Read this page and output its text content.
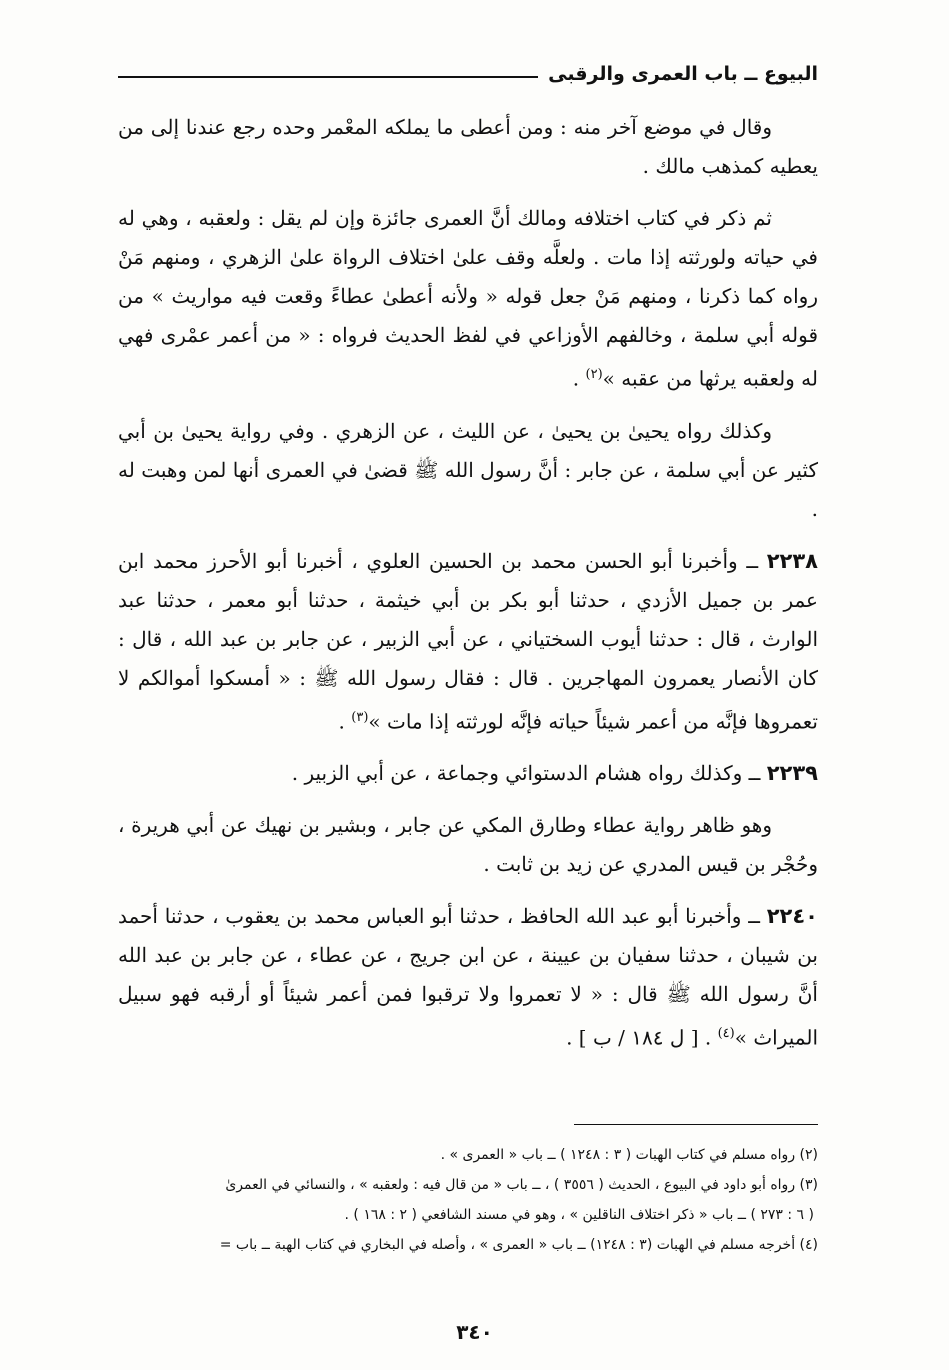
البيوع ــ باب العمرى والرقبى

وقال في موضع آخر منه : ومن أعطى ما يملكه المعْمر وحده رجع عندنا إلى من يعطيه كمذهب مالك .

ثم ذكر في كتاب اختلافه ومالك أنَّ العمرى جائزة وإن لم يقل : ولعقبه ، وهي له في حياته ولورثته إذا مات . ولعلَّه وقف علىٰ اختلاف الرواة علىٰ الزهري ، ومنهم مَنْ رواه كما ذكرنا ، ومنهم مَنْ جعل قوله « ولأنه أعطىٰ عطاءً وقعت فيه مواريث » من قوله أبي سلمة ، وخالفهم الأوزاعي في لفظ الحديث فرواه : « من أعمر عمْرى فهي له ولعقبه يرثها من عقبه »$^{(٢)}$ .

وكذلك رواه يحيىٰ بن يحيىٰ ، عن الليث ، عن الزهري . وفي رواية يحيىٰ بن أبي كثير عن أبي سلمة ، عن جابر : أنَّ رسول الله ﷺ قضىٰ في العمرى أنها لمن وهبت له .

٢٢٣٨ ــ وأخبرنا أبو الحسن محمد بن الحسين العلوي ، أخبرنا أبو الأحرز محمد ابن عمر بن جميل الأزدي ، حدثنا أبو بكر بن أبي خيثمة ، حدثنا أبو معمر ، حدثنا عبد الوارث ، قال : حدثنا أيوب السختياني ، عن أبي الزبير ، عن جابر بن عبد الله ، قال : كان الأنصار يعمرون المهاجرين . قال : فقال رسول الله ﷺ : « أمسكوا أموالكم لا تعمروها فإنَّه من أعمر شيئاً حياته فإنَّه لورثته إذا مات »$^{(٣)}$ .

٢٢٣٩ ــ وكذلك رواه هشام الدستوائي وجماعة ، عن أبي الزبير .

وهو ظاهر رواية عطاء وطارق المكي عن جابر ، وبشير بن نهيك عن أبي هريرة ، وحُجْر بن قيس المدري عن زيد بن ثابت .

٢٢٤٠ ــ وأخبرنا أبو عبد الله الحافظ ، حدثنا أبو العباس محمد بن يعقوب ، حدثنا أحمد بن شيبان ، حدثنا سفيان بن عيينة ، عن ابن جريج ، عن عطاء ، عن جابر بن عبد الله أنَّ رسول الله ﷺ قال : « لا تعمروا ولا ترقبوا فمن أعمر شيئاً أو أرقبه فهو سبيل الميراث »$^{(٤)}$ . [ ل ١٨٤ / ب ] .

(٢) رواه مسلم في كتاب الهبات ( ٣ : ١٢٤٨ ) ــ باب « العمرى » .

(٣) رواه أبو داود في البيوع ، الحديث ( ٣٥٥٦ ) ، ــ باب « من قال فيه : ولعقبه » ، والنسائي في العمرىٰ

( ٦ : ٢٧٣ ) ــ باب « ذكر اختلاف الناقلين » ، وهو في مسند الشافعي ( ٢ : ١٦٨ ) .

(٤) أخرجه مسلم في الهبات (٣ : ١٢٤٨) ــ باب « العمرى » ، وأصله في البخاري في كتاب الهبة ــ باب =

٣٤٠
